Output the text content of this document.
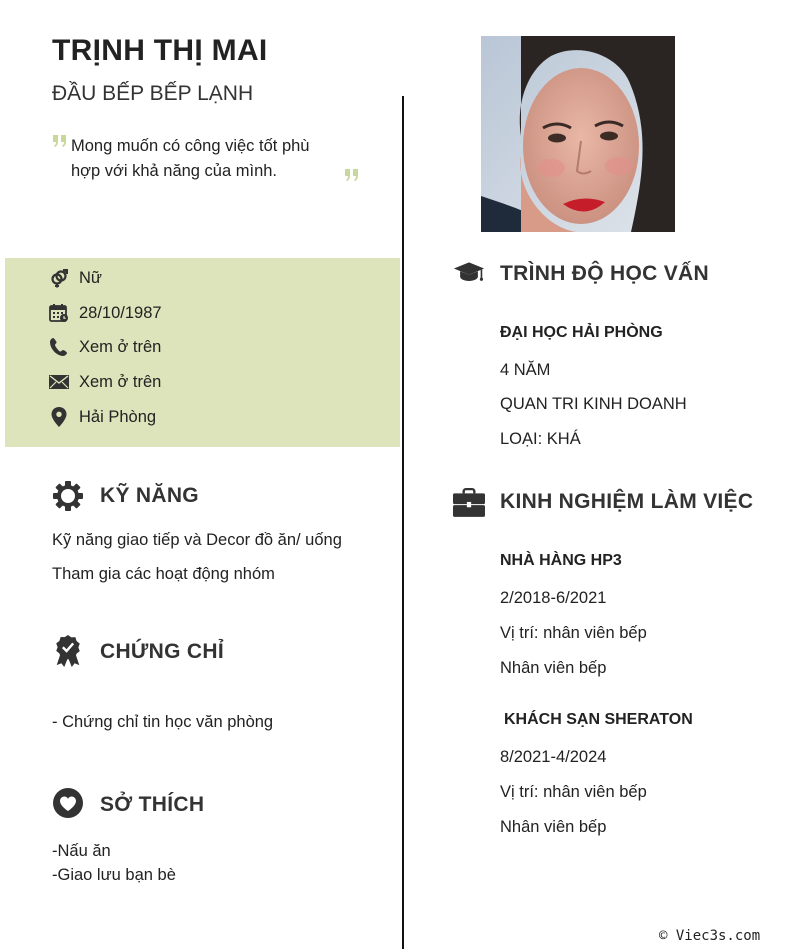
TRỊNH THỊ MAI
ĐẦU BẾP BẾP LẠNH
Mong muốn có công việc tốt phù hợp với khả năng của mình.
Nữ
28/10/1987
Xem ở trên
Xem ở trên
Hải Phòng
KỸ NĂNG
Kỹ năng giao tiếp và Decor đồ ăn/ uống
Tham gia các hoạt động nhóm
CHỨNG CHỈ
- Chứng chỉ tin học văn phòng
SỞ THÍCH
-Nấu ăn
-Giao lưu bạn bè
TRÌNH ĐỘ HỌC VẤN
ĐẠI HỌC HẢI PHÒNG
4 NĂM
QUAN TRI KINH DOANH
LOẠI: KHÁ
KINH NGHIỆM LÀM VIỆC
NHÀ HÀNG HP3
2/2018-6/2021
Vị trí: nhân viên bếp
Nhân viên bếp
KHÁCH SẠN SHERATON
8/2021-4/2024
Vị trí: nhân viên bếp
Nhân viên bếp
© Viec3s.com
